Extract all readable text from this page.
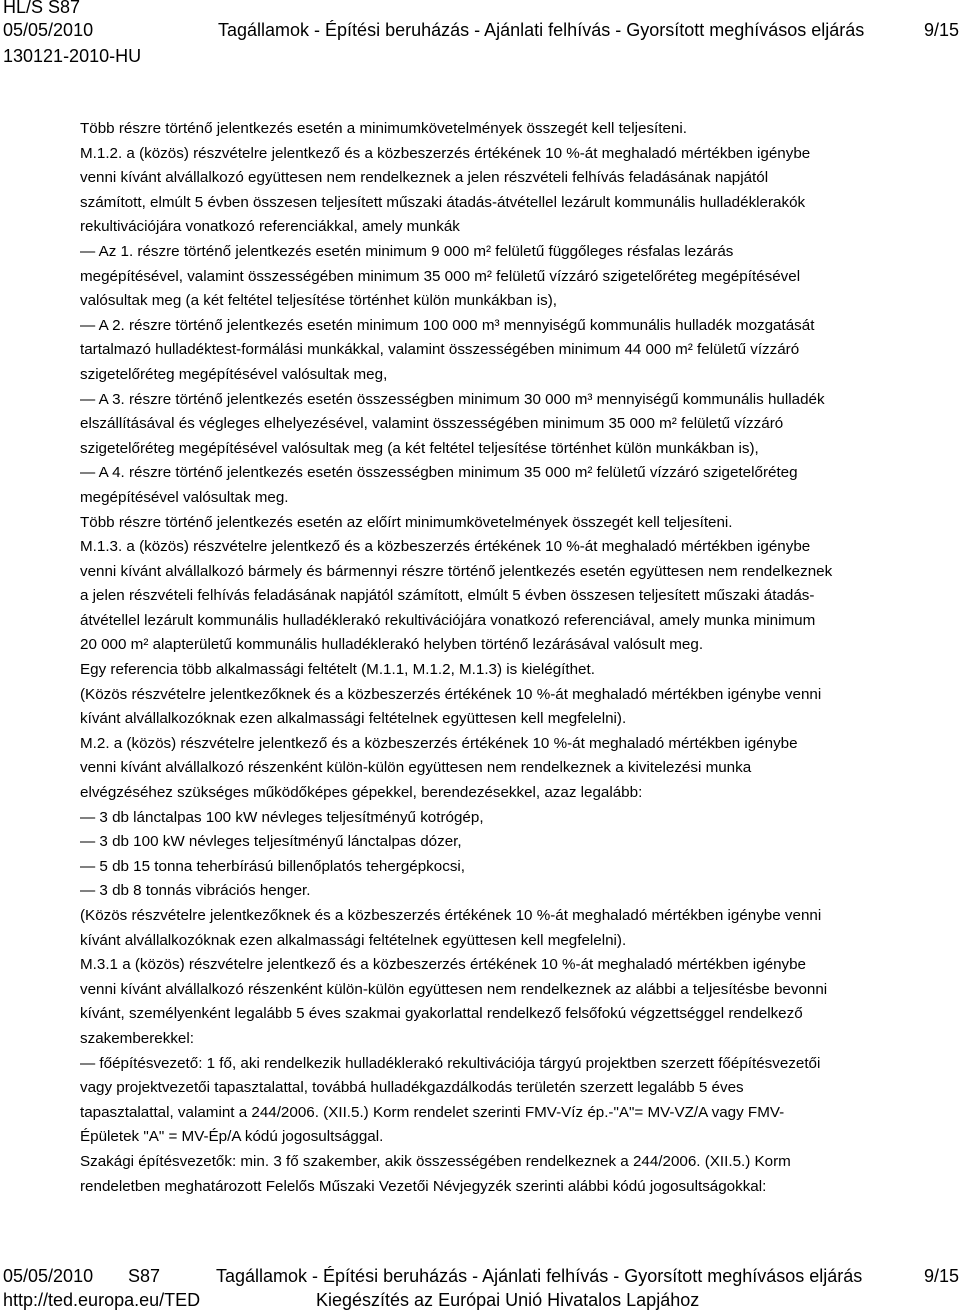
HL/S S87
05/05/2010
130121-2010-HU
Tagállamok - Építési beruházás - Ajánlati felhívás - Gyorsított meghívásos eljárás	9/15

Több részre történő jelentkezés esetén a minimumkövetelmények összegét kell teljesíteni.

M.1.2. a (közös) részvételre jelentkező és a közbeszerzés értékének 10 %-át meghaladó mértékben igénybe

venni kívánt alvállalkozó együttesen nem rendelkeznek a jelen részvételi felhívás feladásának napjától

számított, elmúlt 5 évben összesen teljesített műszaki átadás-átvétellel lezárult kommunális hulladéklerakók

rekultivációjára vonatkozó referenciákkal, amely munkák

— Az 1. részre történő jelentkezés esetén minimum 9 000 m² felületű függőleges résfalas lezárás

megépítésével, valamint összességében minimum 35 000 m² felületű vízzáró szigetelőréteg megépítésével

valósultak meg (a két feltétel teljesítése történhet külön munkákban is),

— A 2. részre történő jelentkezés esetén minimum 100 000 m³ mennyiségű kommunális hulladék mozgatását

tartalmazó hulladéktest-formálási munkákkal, valamint összességében minimum 44 000 m² felületű vízzáró

szigetelőréteg megépítésével valósultak meg,

— A 3. részre történő jelentkezés esetén összességben minimum 30 000 m³ mennyiségű kommunális hulladék

elszállításával és végleges elhelyezésével, valamint összességében minimum 35 000 m² felületű vízzáró

szigetelőréteg megépítésével valósultak meg (a két feltétel teljesítése történhet külön munkákban is),

— A 4. részre történő jelentkezés esetén összességben minimum 35 000 m² felületű vízzáró szigetelőréteg

megépítésével valósultak meg.

Több részre történő jelentkezés esetén az előírt minimumkövetelmények összegét kell teljesíteni.

M.1.3. a (közös) részvételre jelentkező és a közbeszerzés értékének 10 %-át meghaladó mértékben igénybe

venni kívánt alvállalkozó bármely és bármennyi részre történő jelentkezés esetén együttesen nem rendelkeznek

a jelen részvételi felhívás feladásának napjától számított, elmúlt 5 évben összesen teljesített műszaki átadás-

átvétellel lezárult kommunális hulladéklerakó rekultivációjára vonatkozó referenciával, amely munka minimum

20 000 m² alapterületű kommunális hulladéklerakó helyben történő lezárásával valósult meg.

Egy referencia több alkalmassági feltételt (M.1.1, M.1.2, M.1.3) is kielégíthet.

(Közös részvételre jelentkezőknek és a közbeszerzés értékének 10 %-át meghaladó mértékben igénybe venni

kívánt alvállalkozóknak ezen alkalmassági feltételnek együttesen kell megfelelni).

M.2. a (közös) részvételre jelentkező és a közbeszerzés értékének 10 %-át meghaladó mértékben igénybe

venni kívánt alvállalkozó részenként külön-külön együttesen nem rendelkeznek a kivitelezési munka

elvégzéséhez szükséges működőképes gépekkel, berendezésekkel, azaz legalább:

— 3 db lánctalpas 100 kW névleges teljesítményű kotrógép,

— 3 db 100 kW névleges teljesítményű lánctalpas dózer,

— 5 db 15 tonna teherbírású billenőplatós tehergépkocsi,

— 3 db 8 tonnás vibrációs henger.

(Közös részvételre jelentkezőknek és a közbeszerzés értékének 10 %-át meghaladó mértékben igénybe venni

kívánt alvállalkozóknak ezen alkalmassági feltételnek együttesen kell megfelelni).

M.3.1 a (közös) részvételre jelentkező és a közbeszerzés értékének 10 %-át meghaladó mértékben igénybe

venni kívánt alvállalkozó részenként külön-külön együttesen nem rendelkeznek az alábbi a teljesítésbe bevonni

kívánt, személyenként legalább 5 éves szakmai gyakorlattal rendelkező felsőfokú végzettséggel rendelkező

szakemberekkel:

— főépítésvezető: 1 fő, aki rendelkezik hulladéklerakó rekultivációja tárgyú projektben szerzett főépítésvezetői

vagy projektvezetői tapasztalattal, továbbá hulladékgazdálkodás területén szerzett legalább 5 éves

tapasztalattal, valamint a 244/2006. (XII.5.) Korm rendelet szerinti FMV-Víz ép.-"A"= MV-VZ/A vagy FMV-

Épületek "A" = MV-Ép/A kódú jogosultsággal.

Szakági építésvezetők: min. 3 fő szakember, akik összességében rendelkeznek a 244/2006. (XII.5.) Korm

rendeletben meghatározott Felelős Műszaki Vezetői Névjegyzék szerinti alábbi kódú jogosultságokkal:

05/05/2010 S87	Tagállamok - Építési beruházás - Ajánlati felhívás - Gyorsított meghívásos eljárás	9/15
http://ted.europa.eu/TED	Kiegészítés az Európai Unió Hivatalos Lapjához
